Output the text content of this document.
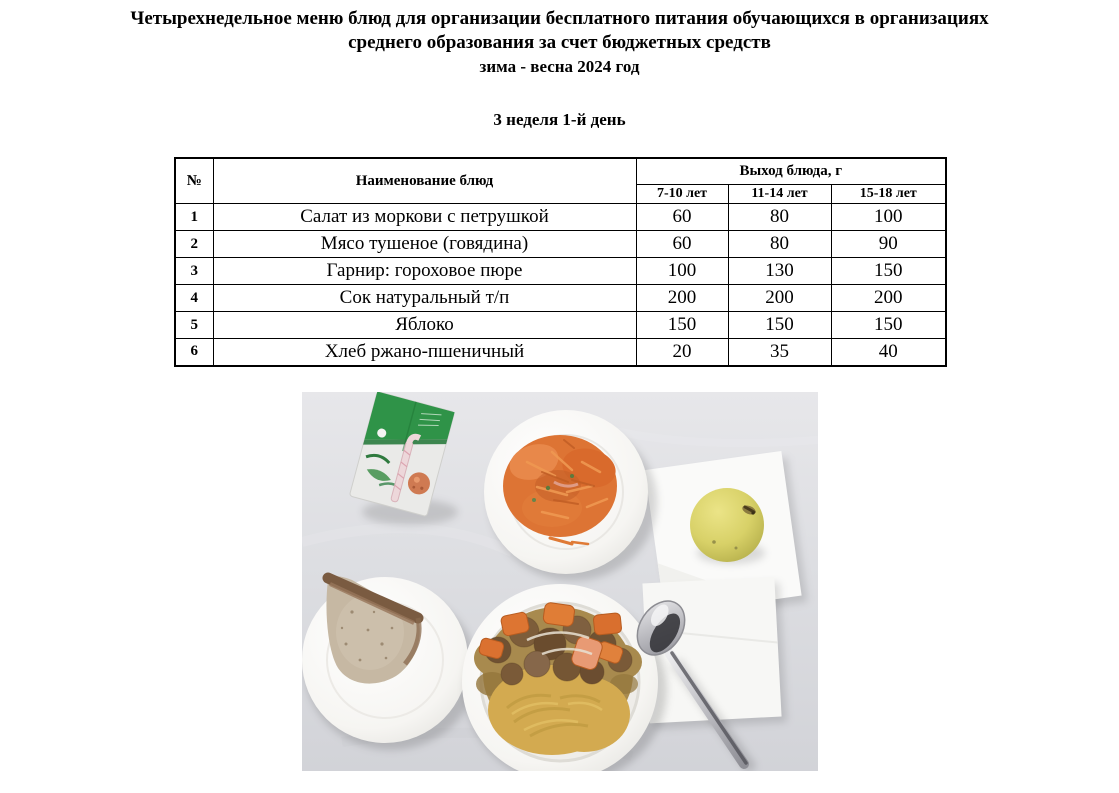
Четырехнедельное меню блюд для организации бесплатного питания обучающихся в организациях
среднего образования за счет бюджетных средств
зима - весна 2024 год
3 неделя 1-й день
№	Наименование блюд	Выход блюда, г		
		7-10 лет	11-14 лет	15-18 лет
1	Салат из моркови с петрушкой	60	80	100
2	Мясо тушеное (говядина)	60	80	90
3	Гарнир: гороховое пюре	100	130	150
4	Сок натуральный т/п	200	200	200
5	Яблоко	150	150	150
6	Хлеб ржано-пшеничный	20	35	40
